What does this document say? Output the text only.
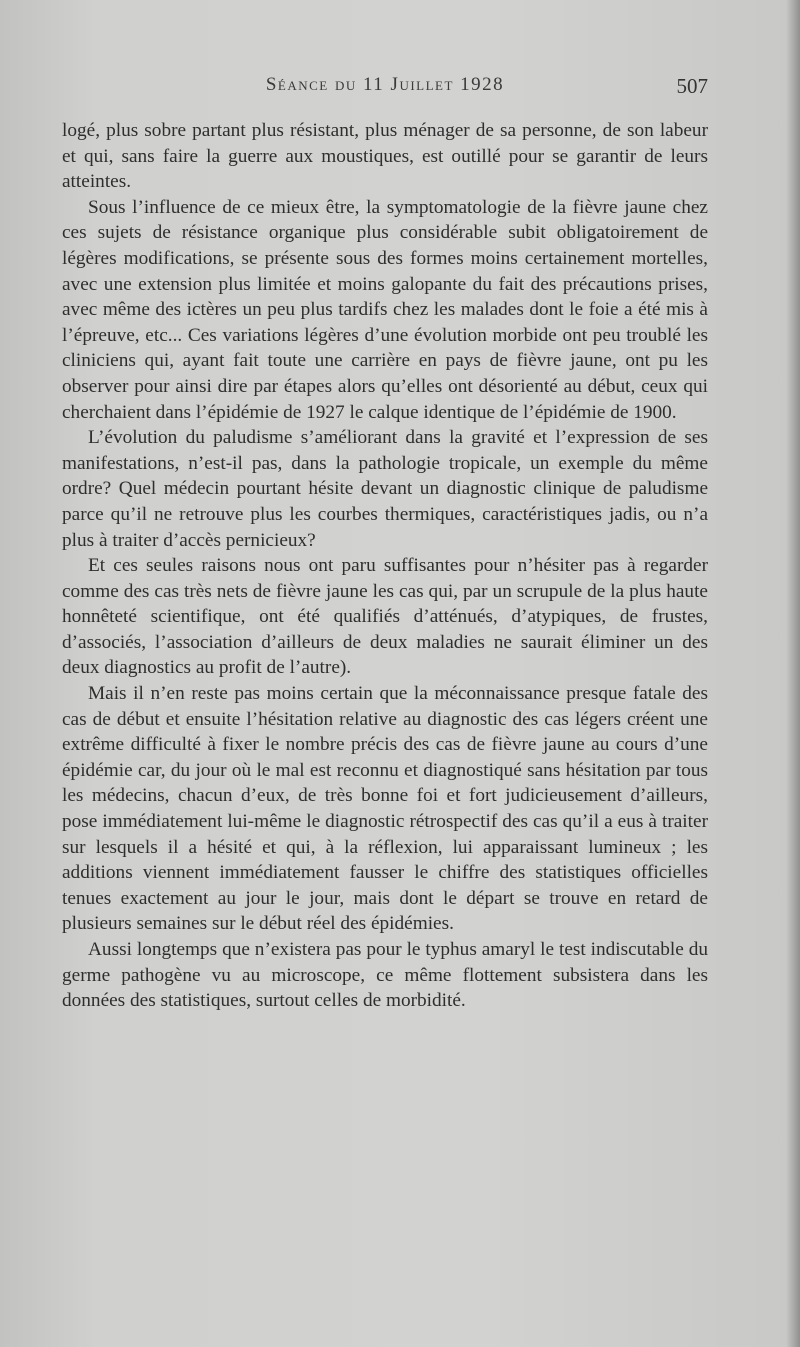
Séance du 11 Juillet 1928	507

logé, plus sobre partant plus résistant, plus ménager de sa personne, de son labeur et qui, sans faire la guerre aux moustiques, est outillé pour se garantir de leurs atteintes.

Sous l’influence de ce mieux être, la symptomatologie de la fièvre jaune chez ces sujets de résistance organique plus considérable subit obligatoirement de légères modifications, se présente sous des formes moins certainement mortelles, avec une extension plus limitée et moins galopante du fait des précautions prises, avec même des ictères un peu plus tardifs chez les malades dont le foie a été mis à l’épreuve, etc... Ces variations légères d’une évolution morbide ont peu troublé les cliniciens qui, ayant fait toute une carrière en pays de fièvre jaune, ont pu les observer pour ainsi dire par étapes alors qu’elles ont désorienté au début, ceux qui cherchaient dans l’épidémie de 1927 le calque identique de l’épidémie de 1900.

L’évolution du paludisme s’améliorant dans la gravité et l’expression de ses manifestations, n’est-il pas, dans la pathologie tropicale, un exemple du même ordre? Quel médecin pourtant hésite devant un diagnostic clinique de paludisme parce qu’il ne retrouve plus les courbes thermiques, caractéristiques jadis, ou n’a plus à traiter d’accès pernicieux?

Et ces seules raisons nous ont paru suffisantes pour n’hésiter pas à regarder comme des cas très nets de fièvre jaune les cas qui, par un scrupule de la plus haute honnêteté scientifique, ont été qualifiés d’atténués, d’atypiques, de frustes, d’associés, l’association d’ailleurs de deux maladies ne saurait éliminer un des deux diagnostics au profit de l’autre).

Mais il n’en reste pas moins certain que la méconnaissance presque fatale des cas de début et ensuite l’hésitation relative au diagnostic des cas légers créent une extrême difficulté à fixer le nombre précis des cas de fièvre jaune au cours d’une épidémie car, du jour où le mal est reconnu et diagnostiqué sans hésitation par tous les médecins, chacun d’eux, de très bonne foi et fort judicieusement d’ailleurs, pose immédiatement lui-même le diagnostic rétrospectif des cas qu’il a eus à traiter sur lesquels il a hésité et qui, à la réflexion, lui apparaissant lumineux ; les additions viennent immédiatement fausser le chiffre des statistiques officielles tenues exactement au jour le jour, mais dont le départ se trouve en retard de plusieurs semaines sur le début réel des épidémies.

Aussi longtemps que n’existera pas pour le typhus amaryl le test indiscutable du germe pathogène vu au microscope, ce même flottement subsistera dans les données des statistiques, surtout celles de morbidité.
